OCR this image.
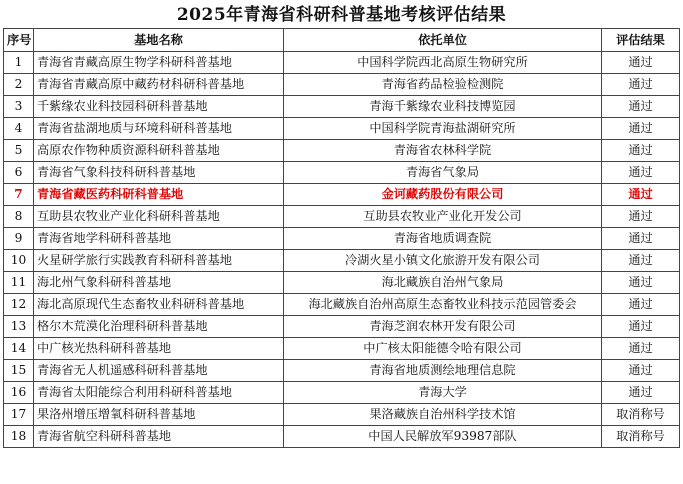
2025年青海省科研科普基地考核评估结果
序号	基地名称	依托单位	评估结果
1	青海省青藏高原生物学科研科普基地	中国科学院西北高原生物研究所	通过
2	青海省青藏高原中藏药材科研科普基地	青海省药品检验检测院	通过
3	千紫缘农业科技园科研科普基地	青海千紫缘农业科技博览园	通过
4	青海省盐湖地质与环境科研科普基地	中国科学院青海盐湖研究所	通过
5	高原农作物种质资源科研科普基地	青海省农林科学院	通过
6	青海省气象科技科研科普基地	青海省气象局	通过
7	青海省藏医药科研科普基地	金诃藏药股份有限公司	通过
8	互助县农牧业产业化科研科普基地	互助县农牧业产业化开发公司	通过
9	青海省地学科研科普基地	青海省地质调查院	通过
10	火星研学旅行实践教育科研科普基地	冷湖火星小镇文化旅游开发有限公司	通过
11	海北州气象科研科普基地	海北藏族自治州气象局	通过
12	海北高原现代生态畜牧业科研科普基地	海北藏族自治州高原生态畜牧业科技示范园管委会	通过
13	格尔木荒漠化治理科研科普基地	青海芝润农林开发有限公司	通过
14	中广核光热科研科普基地	中广核太阳能德令哈有限公司	通过
15	青海省无人机遥感科研科普基地	青海省地质测绘地理信息院	通过
16	青海省太阳能综合利用科研科普基地	青海大学	通过
17	果洛州增压增氧科研科普基地	果洛藏族自治州科学技术馆	取消称号
18	青海省航空科研科普基地	中国人民解放军93987部队	取消称号
